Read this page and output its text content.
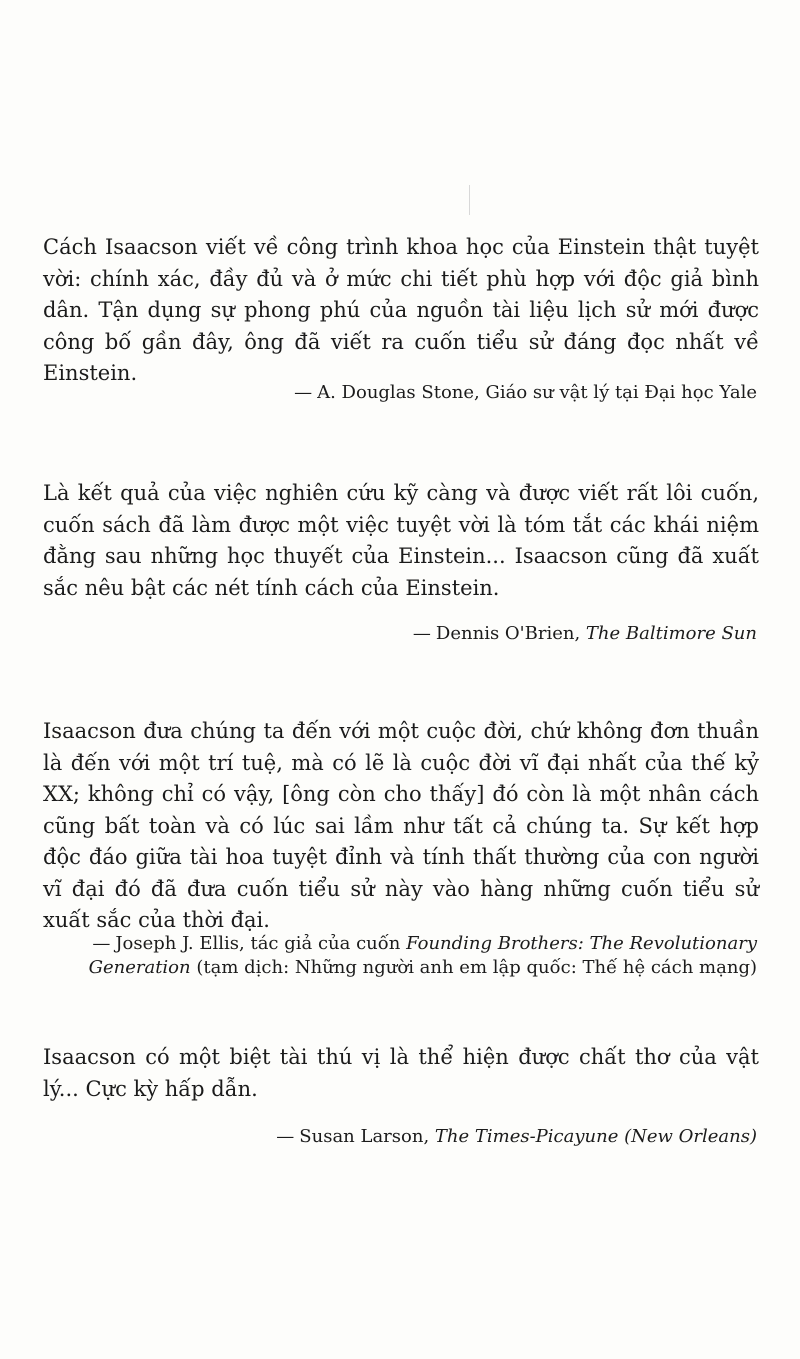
Cách Isaacson viết về công trình khoa học của Einstein thật tuyệt vời: chính xác, đầy đủ và ở mức chi tiết phù hợp với độc giả bình dân. Tận dụng sự phong phú của nguồn tài liệu lịch sử mới được công bố gần đây, ông đã viết ra cuốn tiểu sử đáng đọc nhất về Einstein.

— A. Douglas Stone, Giáo sư vật lý tại Đại học Yale

Là kết quả của việc nghiên cứu kỹ càng và được viết rất lôi cuốn, cuốn sách đã làm được một việc tuyệt vời là tóm tắt các khái niệm đằng sau những học thuyết của Einstein... Isaacson cũng đã xuất sắc nêu bật các nét tính cách của Einstein.

— Dennis O'Brien, The Baltimore Sun

Isaacson đưa chúng ta đến với một cuộc đời, chứ không đơn thuần là đến với một trí tuệ, mà có lẽ là cuộc đời vĩ đại nhất của thế kỷ XX; không chỉ có vậy, [ông còn cho thấy] đó còn là một nhân cách cũng bất toàn và có lúc sai lầm như tất cả chúng ta. Sự kết hợp độc đáo giữa tài hoa tuyệt đỉnh và tính thất thường của con người vĩ đại đó đã đưa cuốn tiểu sử này vào hàng những cuốn tiểu sử xuất sắc của thời đại.

— Joseph J. Ellis, tác giả của cuốn Founding Brothers: The Revolutionary Generation (tạm dịch: Những người anh em lập quốc: Thế hệ cách mạng)

Isaacson có một biệt tài thú vị là thể hiện được chất thơ của vật lý... Cực kỳ hấp dẫn.

— Susan Larson, The Times-Picayune (New Orleans)
